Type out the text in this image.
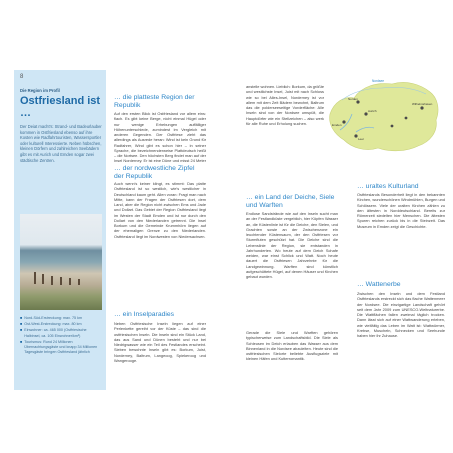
8
Die Region im Profil
Ostfriesland ist …
Der Deiat macht's: Strand- und Badeurlauber kommen in Ostfriesland ebenso auf ihre Kosten wie Radfahrtouristen, Wassersportler oder kulturell Interessierte. Neben hübschen, kleinen Dörfern und zahlreichen Seebädern gibt es mit Aurich und Emden sogar zwei städtische Zentren.
■ Nord-Süd-Erstreckung: max. 75 km
■ Ost-West-Erstreckung: max. 80 km
■ Einwohner: ca. 465 000 (Ostfriesische Halbinsel, ca. 105 Einwohner/km²)
■ Tourismus: Rund 24 Millionen Übernachtungsgäste und knapp 34 Millionen Tagesgäste bringen Ostfriesland jährlich
… die platteste Region der Republik
Auf den ersten Blick ist Ostfriesland vor allem eins: flach. Es gibt keine Berge, nicht einmal Hügel oder nur wenige Erhebungen auffälliger Höhenunterschiede, zumindest im Vergleich mit anderen Gegenden. Der Ostfriese zieht das allerdings als Ausrede heran: Wind ist kein Grund für Radfahrer, Wind gibt es schon hier – in seiner Sprache, die bezeichnenderweise Plattdeutsch heißt – die Nortsee. Den höchsten Berg findet man auf der Insel Norderney. Er ist eine Düne und misst 24 Meter
… der nordwestliche Zipfel der Republik
Auch wenn's keiner klingt, es stimmt: Das platte Ostfriesland ist so westlich, wie's westlicher in Deutschland kaum geht. Allen voran: Fragt man nach Mitte, kann der Fragen der Ostfriesen dort, dem Land, aber die Region nicht zwischen Ems und Jade und Dollart. Das Gebiet der Region Ostfriesland liegt im Westen der Stadt Emden und ist nur durch den Dollart von den Niederlanden getrennt. Die Insel Borkum und die Gemeinde Krummhörn liegen auf der ehemaligen Grenze zu den Niederlanden. Ostfriesland liegt im Nordwesten von Niedersachsen.
… ein Inselparadies
Neben Ostfriesische Inseln liegen auf einer Perlenkette gereiht vor der Küste – das sind die ostfriesischen Inseln. Die Inseln sind ein Stück Land, das aus Sand und Dünen besteht und nur bei Niedrigwasser wie ein Teil des Festlandes erscheint. Sieben bewohnte Inseln gibt es: Borkum, Juist, Norderney, Baltrum, Langeoog, Spiekeroog und Wangerooge.
anstelle wohnen. Lieblich: Borkum, da größte und westlichste Insel, Juist mit nach Schloss wie so bei Alles-Insel, Norderney ist vor allem mit dem Zeit Bädern bewohnt, Baltrum das die polderseeseitige Vorderfläche: Alle Inseln sind von der Nordsee umspült, die Hauptdörfer wie ein Stellzeichen – also werk für alle Ruhe und Erholung suchen.
… ein Land der Deiche, Siele und Warften
Endlose Sandstrände wie auf den Inseln sucht man an der Festlandküste vergeblich, hier Köpfen Wasser an, die Küstenlinie ist für die Deiche, den Sielen, und Grachten sowie an der Zwischenzone ein leuchtender Küstensaum, der den Ostfriesen vor Sturmfluten geschützt hat. Die Deiche sind die Lebenslinie der Region, sie entstanden in Jahrhunderten. Wo heute auf dem Deich Schafe weiden, war einst Schlick und Watt. Noch heute dauert die Ostfriesen Jahrzehnte für die Landgewinnung. Warften sind künstlich aufgeschüttete Hügel, auf denen Häuser und Kirchen gebaut wurden.
Gerade die Siele und Warften gehören typischerweise zum Landschaftsbild. Die Siele als Schleusen im Deich erlauben das Wasser aus dem Binnenland in die Nordsee abzuleiten. Heute sind die ostfriesischen Sielorte beliebte Ausflugsziele mit kleinen Häfen und Kutterromantik.
Nordsee
Emden
Aurich
Leer
Norden
Wilhelmshaven
… uraltes Kulturland
Ostfrieslands Besonderheit liegt in den bekannten Kirchen, wunderschönen Windmühlen, Burgen und Schlössern. Viele der uralten Kirchen zählen zu den ältesten in Norddeutschland. Bereits zur Römerzeit siedelten hier Menschen. Die ältesten Spuren reichen zurück bis in die Steinzeit. Das Museum in Emden zeigt die Geschichte.
… Wattenerbe
Zwischen den Inseln und dem Festland Ostfrieslands erstreckt sich das flache Wattenmeer der Nordsee. Die einzigartige Landschaft gehört seit dem Jahr 2009 zum UNESCO-Weltnaturerbe. Die Wattflächen fallen zweimal täglich trocken. Dann lässt sich auf einer Wattwanderung erleben, wie vielfältig das Leben im Watt ist: Wattwürmer, Krebse, Muscheln, Schnecken und Seehunde haben hier ihr Zuhause.
